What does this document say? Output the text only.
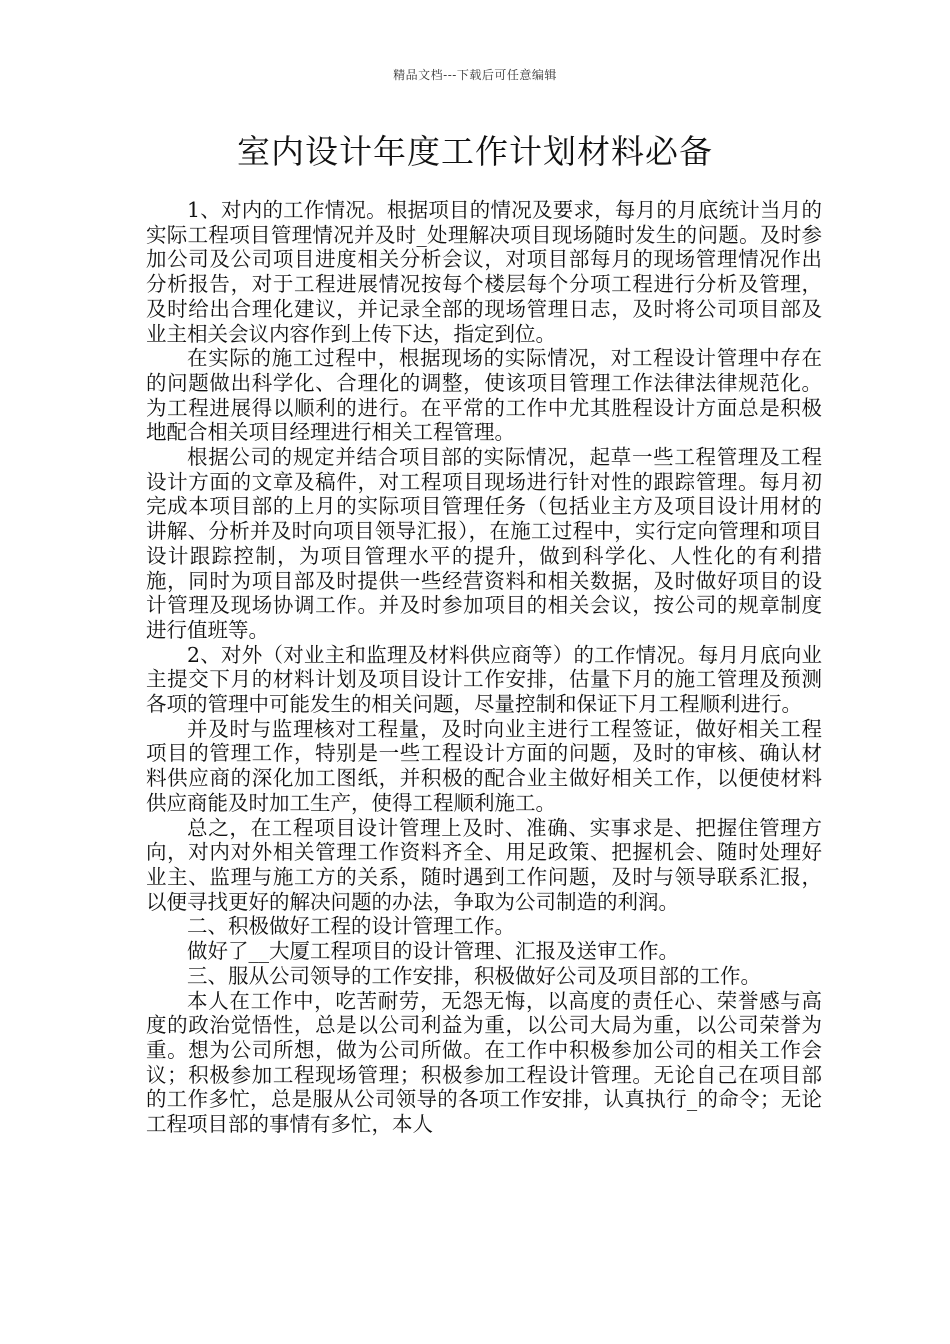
精品文档---下载后可任意编辑
室内设计年度工作计划材料必备

1、对内的工作情况。根据项目的情况及要求，每月的月底统计当月的实际工程项目管理情况并及时_处理解决项目现场随时发生的问题。及时参加公司及公司项目进度相关分析会议，对项目部每月的现场管理情况作出分析报告，对于工程进展情况按每个楼层每个分项工程进行分析及管理，及时给出合理化建议，并记录全部的现场管理日志，及时将公司项目部及业主相关会议内容作到上传下达，指定到位。

在实际的施工过程中，根据现场的实际情况，对工程设计管理中存在的问题做出科学化、合理化的调整，使该项目管理工作法律法律规范化。为工程进展得以顺利的进行。在平常的工作中尤其胜程设计方面总是积极地配合相关项目经理进行相关工程管理。

根据公司的规定并结合项目部的实际情况，起草一些工程管理及工程设计方面的文章及稿件，对工程项目现场进行针对性的跟踪管理。每月初完成本项目部的上月的实际项目管理任务（包括业主方及项目设计用材的讲解、分析并及时向项目领导汇报），在施工过程中，实行定向管理和项目设计跟踪控制，为项目管理水平的提升，做到科学化、人性化的有利措施，同时为项目部及时提供一些经营资料和相关数据，及时做好项目的设计管理及现场协调工作。并及时参加项目的相关会议，按公司的规章制度进行值班等。

2、对外（对业主和监理及材料供应商等）的工作情况。每月月底向业主提交下月的材料计划及项目设计工作安排，估量下月的施工管理及预测各项的管理中可能发生的相关问题，尽量控制和保证下月工程顺利进行。

并及时与监理核对工程量，及时向业主进行工程签证，做好相关工程项目的管理工作，特别是一些工程设计方面的问题，及时的审核、确认材料供应商的深化加工图纸，并积极的配合业主做好相关工作，以便使材料供应商能及时加工生产，使得工程顺利施工。

总之，在工程项目设计管理上及时、准确、实事求是、把握住管理方向，对内对外相关管理工作资料齐全、用足政策、把握机会、随时处理好业主、监理与施工方的关系，随时遇到工作问题，及时与领导联系汇报，以便寻找更好的解决问题的办法，争取为公司制造的利润。

二、积极做好工程的设计管理工作。

做好了__大厦工程项目的设计管理、汇报及送审工作。

三、服从公司领导的工作安排，积极做好公司及项目部的工作。

本人在工作中，吃苦耐劳，无怨无悔，以高度的责任心、荣誉感与高度的政治觉悟性，总是以公司利益为重，以公司大局为重，以公司荣誉为重。想为公司所想，做为公司所做。在工作中积极参加公司的相关工作会议；积极参加工程现场管理；积极参加工程设计管理。无论自己在项目部的工作多忙，总是服从公司领导的各项工作安排，认真执行_的命令；无论工程项目部的事情有多忙，本人
